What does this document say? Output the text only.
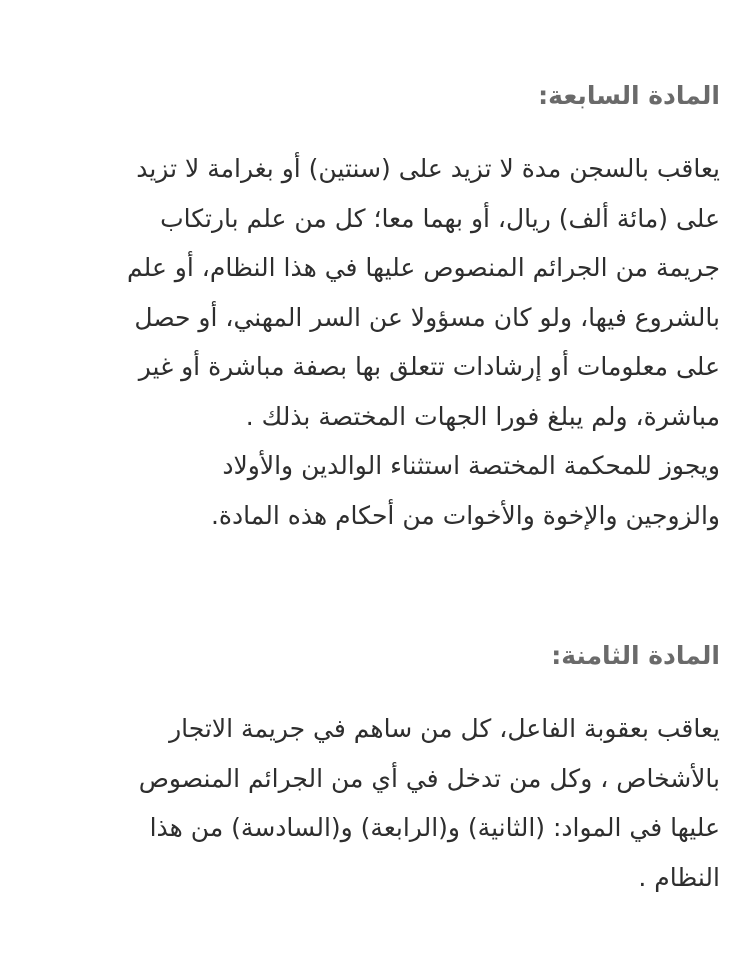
المادة السابعة:
يعاقب بالسجن مدة لا تزيد على (سنتين) أو بغرامة لا تزيد
على (مائة ألف) ريال، أو بهما معا؛ كل من علم بارتكاب
جريمة من الجرائم المنصوص عليها في هذا النظام، أو علم
بالشروع فيها، ولو كان مسؤولا عن السر المهني، أو حصل
على معلومات أو إرشادات تتعلق بها بصفة مباشرة أو غير
مباشرة، ولم يبلغ فورا الجهات المختصة بذلك .
ويجوز للمحكمة المختصة استثناء الوالدين والأولاد
والزوجين والإخوة والأخوات من أحكام هذه المادة.
المادة الثامنة:
يعاقب بعقوبة الفاعل، كل من ساهم في جريمة الاتجار
بالأشخاص ، وكل من تدخل في أي من الجرائم المنصوص
عليها في المواد: (الثانية) و(الرابعة) و(السادسة) من هذا
النظام .
